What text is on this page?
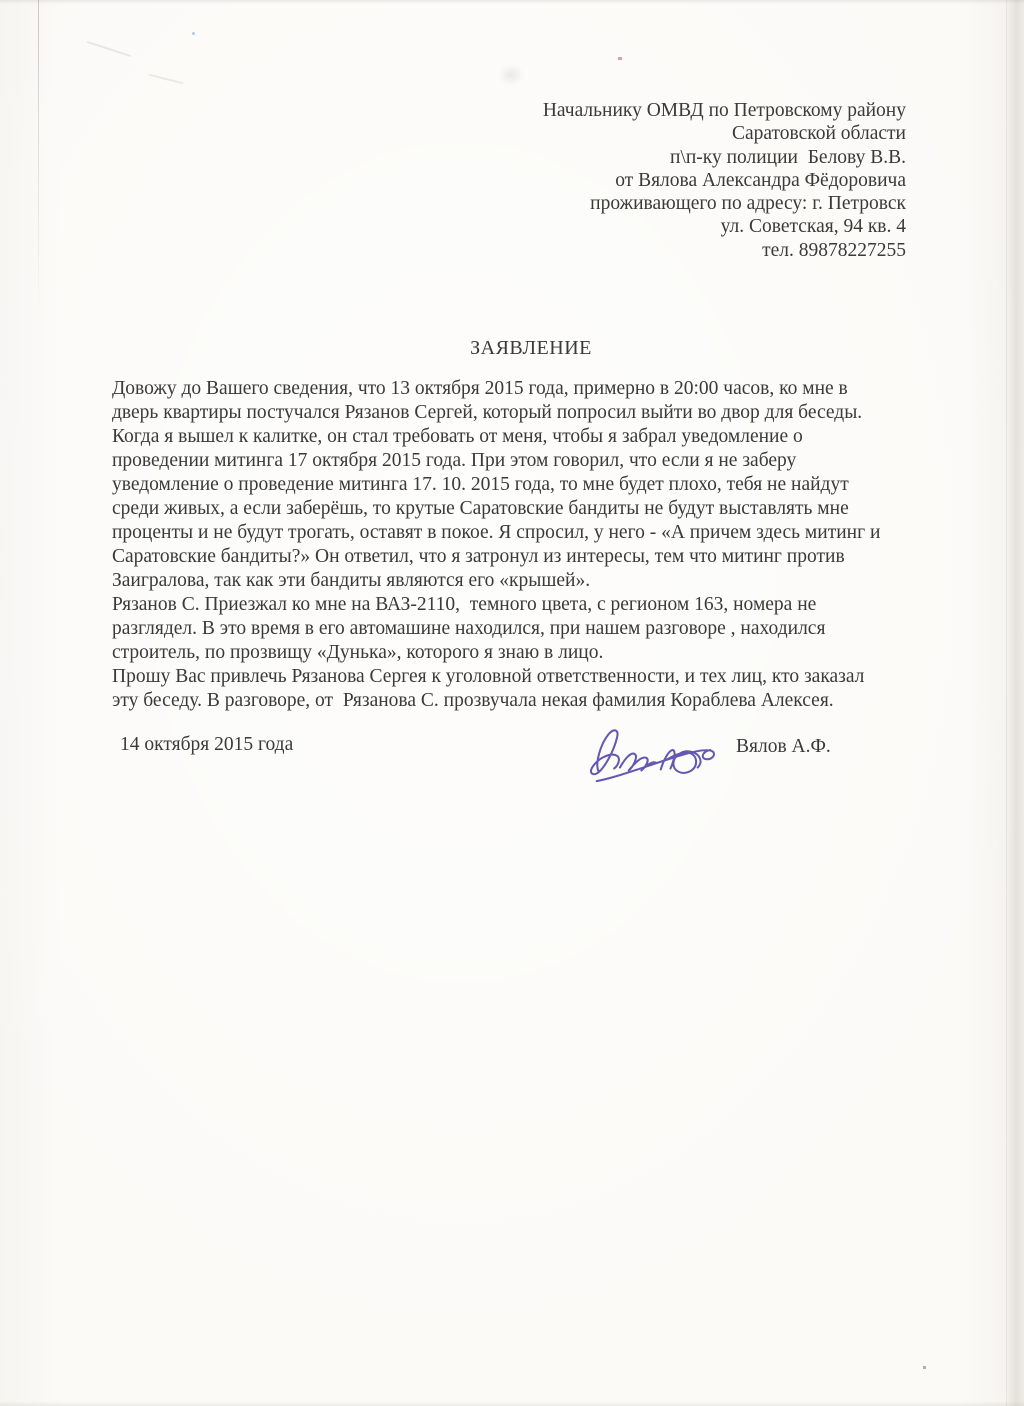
Начальнику ОМВД по Петровскому району
Саратовской области
п\п-ку полиции  Белову В.В.
от Вялова Александра Фёдоровича
проживающего по адресу: г. Петровск
ул. Советская, 94 кв. 4
тел. 89878227255
ЗАЯВЛЕНИЕ
Довожу до Вашего сведения, что 13 октября 2015 года, примерно в 20:00 часов, ко мне в
дверь квартиры постучался Рязанов Сергей, который попросил выйти во двор для беседы.
Когда я вышел к калитке, он стал требовать от меня, чтобы я забрал уведомление о
проведении митинга 17 октября 2015 года. При этом говорил, что если я не заберу
уведомление о проведение митинга 17. 10. 2015 года, то мне будет плохо, тебя не найдут
среди живых, а если заберёшь, то крутые Саратовские бандиты не будут выставлять мне
проценты и не будут трогать, оставят в покое. Я спросил, у него - «А причем здесь митинг и
Саратовские бандиты?» Он ответил, что я затронул из интересы, тем что митинг против
Заигралова, так как эти бандиты являются его «крышей».
Рязанов С. Приезжал ко мне на ВАЗ-2110,  темного цвета, с регионом 163, номера не
разглядел. В это время в его автомашине находился, при нашем разговоре , находился
строитель, по прозвищу «Дунька», которого я знаю в лицо.
Прошу Вас привлечь Рязанова Сергея к уголовной ответственности, и тех лиц, кто заказал
эту беседу. В разговоре, от  Рязанова С. прозвучала некая фамилия Кораблева Алексея.
14 октября 2015 года	Вялов А.Ф.
